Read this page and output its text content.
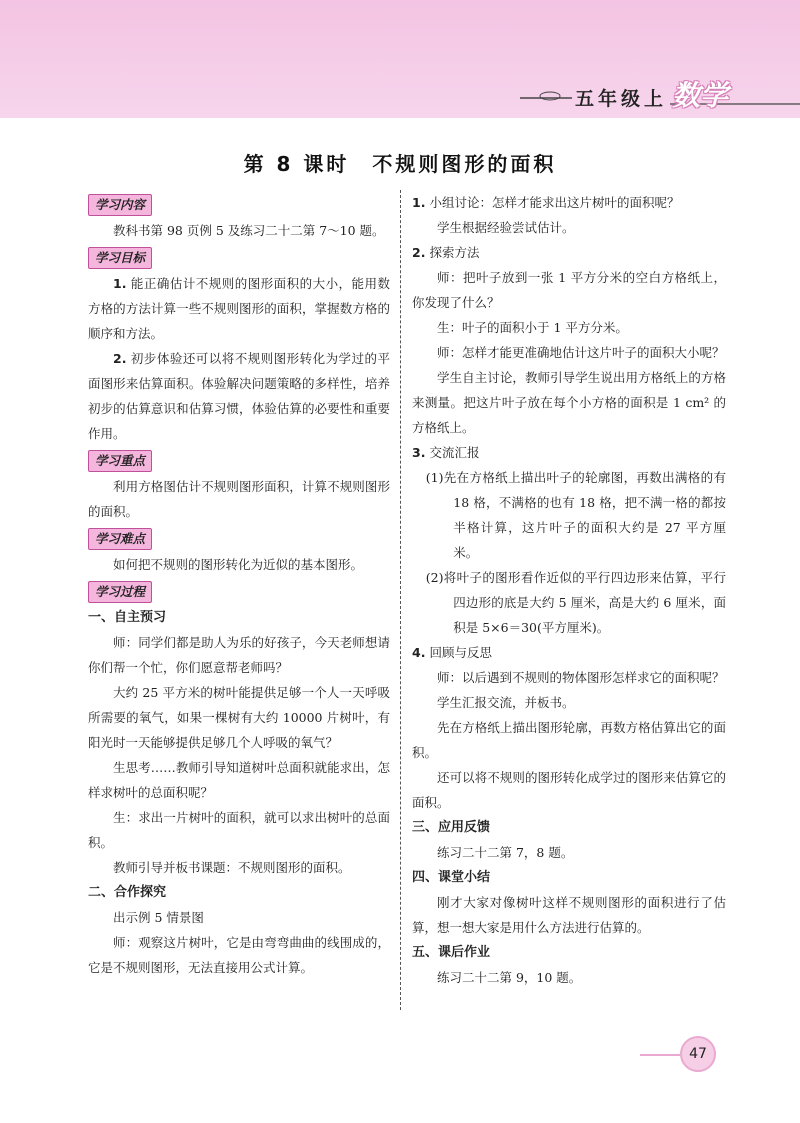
五年级上 数学
第 8 课时　不规则图形的面积
学习内容

教科书第 98 页例 5 及练习二十二第 7～10 题。

学习目标

1. 能正确估计不规则的图形面积的大小，能用数方格的方法计算一些不规则图形的面积，掌握数方格的顺序和方法。

2. 初步体验还可以将不规则图形转化为学过的平面图形来估算面积。体验解决问题策略的多样性，培养初步的估算意识和估算习惯，体验估算的必要性和重要作用。

学习重点

利用方格图估计不规则图形面积，计算不规则图形的面积。

学习难点

如何把不规则的图形转化为近似的基本图形。

学习过程
一、自主预习

师：同学们都是助人为乐的好孩子，今天老师想请你们帮一个忙，你们愿意帮老师吗？

大约 25 平方米的树叶能提供足够一个人一天呼吸所需要的氧气，如果一棵树有大约 10000 片树叶，有阳光时一天能够提供足够几个人呼吸的氧气？

生思考……教师引导知道树叶总面积就能求出，怎样求树叶的总面积呢？

生：求出一片树叶的面积，就可以求出树叶的总面积。

教师引导并板书课题：不规则图形的面积。

二、合作探究

出示例 5 情景图

师：观察这片树叶，它是由弯弯曲曲的线围成的，它是不规则图形，无法直接用公式计算。

1. 小组讨论：怎样才能求出这片树叶的面积呢？

学生根据经验尝试估计。

2. 探索方法

师：把叶子放到一张 1 平方分米的空白方格纸上，你发现了什么？

生：叶子的面积小于 1 平方分米。

师：怎样才能更准确地估计这片叶子的面积大小呢？

学生自主讨论，教师引导学生说出用方格纸上的方格来测量。把这片叶子放在每个小方格的面积是 1 cm² 的方格纸上。

3. 交流汇报

(1)先在方格纸上描出叶子的轮廓图，再数出满格的有 18 格，不满格的也有 18 格，把不满一格的都按半格计算，这片叶子的面积大约是 27 平方厘米。

(2)将叶子的图形看作近似的平行四边形来估算，平行四边形的底是大约 5 厘米，高是大约 6 厘米，面积是 5×6＝30(平方厘米)。

4. 回顾与反思

师：以后遇到不规则的物体图形怎样求它的面积呢？

学生汇报交流，并板书。

先在方格纸上描出图形轮廓，再数方格估算出它的面积。

还可以将不规则的图形转化成学过的图形来估算它的面积。

三、应用反馈

练习二十二第 7，8 题。

四、课堂小结

刚才大家对像树叶这样不规则图形的面积进行了估算，想一想大家是用什么方法进行估算的。

五、课后作业

练习二十二第 9，10 题。

47
